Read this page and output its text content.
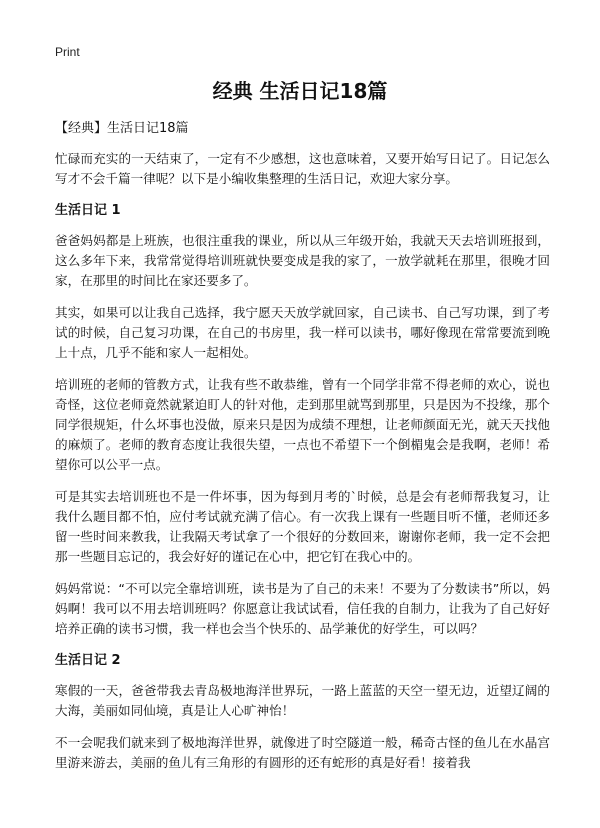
Print
经典 生活日记18篇
【经典】生活日记18篇

忙碌而充实的一天结束了，一定有不少感想，这也意味着，又要开始写日记了。日记怎么写才不会千篇一律呢？以下是小编收集整理的生活日记，欢迎大家分享。

生活日记 1

爸爸妈妈都是上班族，也很注重我的课业，所以从三年级开始，我就天天去培训班报到，这么多年下来，我常常觉得培训班就快要变成是我的家了，一放学就耗在那里，很晚才回家，在那里的时间比在家还要多了。

其实，如果可以让我自己选择，我宁愿天天放学就回家，自己读书、自己写功课，到了考试的时候，自己复习功课，在自己的书房里，我一样可以读书，哪好像现在常常要流到晚上十点，几乎不能和家人一起相处。

培训班的老师的管教方式，让我有些不敢恭维，曾有一个同学非常不得老师的欢心，说也奇怪，这位老师竟然就紧迫盯人的针对他，走到那里就骂到那里，只是因为不投缘，那个同学很规矩，什么坏事也没做，原来只是因为成绩不理想，让老师颜面无光，就天天找他的麻烦了。老师的教育态度让我很失望，一点也不希望下一个倒楣鬼会是我啊，老师！希望你可以公平一点。

可是其实去培训班也不是一件坏事，因为每到月考的`时候，总是会有老师帮我复习，让我什么题目都不怕，应付考试就充满了信心。有一次我上课有一些题目听不懂，老师还多留一些时间来教我，让我隔天考试拿了一个很好的分数回来，谢谢你老师，我一定不会把那一些题目忘记的，我会好好的谨记在心中，把它钉在我心中的。

妈妈常说：“不可以完全靠培训班，读书是为了自己的未来！不要为了分数读书”所以，妈妈啊！我可以不用去培训班吗？你愿意让我试试看，信任我的自制力，让我为了自己好好培养正确的读书习惯，我一样也会当个快乐的、品学兼优的好学生，可以吗？

生活日记 2

寒假的一天，爸爸带我去青岛极地海洋世界玩，一路上蓝蓝的天空一望无边，近望辽阔的大海，美丽如同仙境，真是让人心旷神怡！

不一会呢我们就来到了极地海洋世界，就像进了时空隧道一般，稀奇古怪的鱼儿在水晶宫里游来游去，美丽的鱼儿有三角形的有圆形的还有蛇形的真是好看！接着我
